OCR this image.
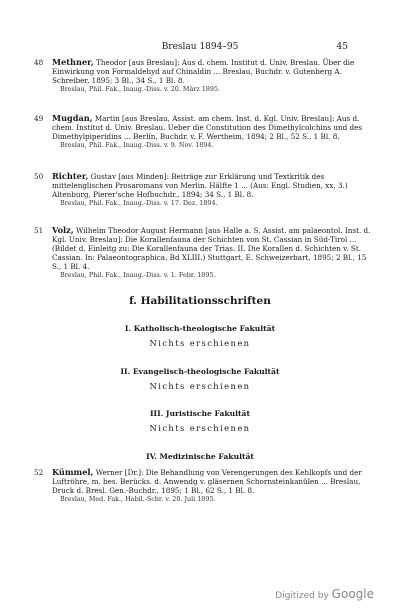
Breslau 1894–95	45
48 Methner, Theodor [aus Breslau]: Aus d. chem. Institut d. Univ. Breslau. Über die Einwirkung von Formaldehyd auf Chinaldin ... Breslau, Buchdr. v. Gutenberg A. Schreiber, 1895; 3 Bl., 34 S., 1 Bl. 8.
Breslau, Phil. Fak., Inaug.-Diss. v. 20. März 1895.
49 Mugdan, Martin [aus Breslau, Assist. am chem. Inst. d. Kgl. Univ. Breslau]: Aus d. chem. Institut d. Univ. Breslau. Ueber die Constitution des Dimethylcolchins und des Dimethylpiperidins ... Berlin, Buchdr. v. F. Wertheim, 1894; 2 Bl., 52 S., 1 Bl. 8.
Breslau, Phil. Fak., Inaug.-Diss. v. 9. Nov. 1894.
50 Richter, Gustav [aus Minden]: Beiträge zur Erklärung und Textkritik des mittelenglischen Prosaromans von Merlin. Hälfte 1 ... (Aus: Engl. Studien, xx, 3.) Altenburg, Pierer'sche Hofbuchdr., 1894; 34 S., 1 Bl. 8.
Breslau, Phil. Fak., Inaug.-Diss. v. 17. Dez. 1894.
51 Volz, Wilhelm Theodor August Hermann [aus Halle a. S. Assist. am palaeontol. Inst. d. Kgl. Univ. Breslau]: Die Korallenfauna der Schichten von St. Cassian in Süd-Tirol ... (Bildet d. Einleitg zu: Die Korallenfauna der Trias. II. Die Korallen d. Schichten v. St. Cassian. In: Palaeontographica, Bd XLIII.) Stuttgart, E. Schweizerbart, 1895; 2 Bl., 15 S., 1 Bl. 4.
Breslau, Phil. Fak., Inaug.-Diss. v. 1. Febr. 1895.
f. Habilitationsschriften
I. Katholisch-theologische Fakultät
Nichts erschienen
II. Evangelisch-theologische Fakultät
Nichts erschienen
III. Juristische Fakultät
Nichts erschienen
IV. Medizinische Fakultät
52 Kümmel, Werner [Dr.]: Die Behandlung von Verengerungen des Kehlkopfs und der Luftröhre, m. bes. Berücks. d. Anwendg v. gläsernen Schornsteinkanülen ... Breslau, Druck d. Bresl. Gen.-Buchdr., 1895; 1 Bl., 62 S., 1 Bl. 8.
Breslau, Med. Fak., Habil.-Schr. v. 20. Juli 1895.
Digitized by Google
